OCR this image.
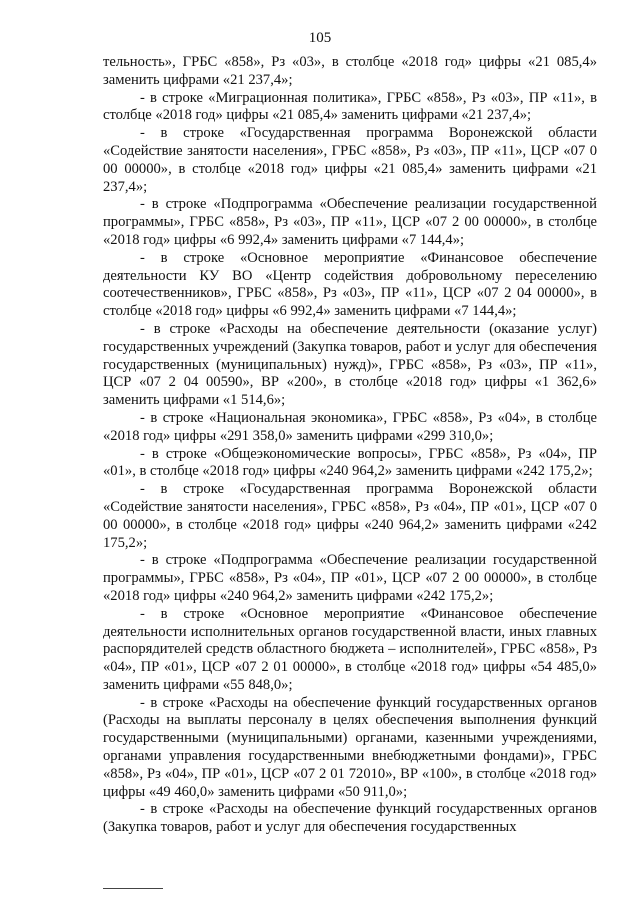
105

тельность», ГРБС «858», Рз «03», в столбце «2018 год» цифры «21 085,4» заменить цифрами «21 237,4»;

- в строке «Миграционная политика», ГРБС «858», Рз «03», ПР «11», в столбце «2018 год» цифры «21 085,4» заменить цифрами «21 237,4»;

- в строке «Государственная программа Воронежской области «Содействие занятости населения», ГРБС «858», Рз «03», ПР «11», ЦСР «07 0 00 00000», в столбце «2018 год» цифры «21 085,4» заменить цифрами «21 237,4»;

- в строке «Подпрограмма «Обеспечение реализации государственной программы», ГРБС «858», Рз «03», ПР «11», ЦСР «07 2 00 00000», в столбце «2018 год» цифры «6 992,4» заменить цифрами «7 144,4»;

- в строке «Основное мероприятие «Финансовое обеспечение деятельности КУ ВО «Центр содействия добровольному переселению соотечественников», ГРБС «858», Рз «03», ПР «11», ЦСР «07 2 04 00000», в столбце «2018 год» цифры «6 992,4» заменить цифрами «7 144,4»;

- в строке «Расходы на обеспечение деятельности (оказание услуг) государственных учреждений (Закупка товаров, работ и услуг для обеспечения государственных (муниципальных) нужд)», ГРБС «858», Рз «03», ПР «11», ЦСР «07 2 04 00590», ВР «200», в столбце «2018 год» цифры «1 362,6» заменить цифрами «1 514,6»;

- в строке «Национальная экономика», ГРБС «858», Рз «04», в столбце «2018 год» цифры «291 358,0» заменить цифрами «299 310,0»;

- в строке «Общеэкономические вопросы», ГРБС «858», Рз «04», ПР «01», в столбце «2018 год» цифры «240 964,2» заменить цифрами «242 175,2»;

- в строке «Государственная программа Воронежской области «Содействие занятости населения», ГРБС «858», Рз «04», ПР «01», ЦСР «07 0 00 00000», в столбце «2018 год» цифры «240 964,2» заменить цифрами «242 175,2»;

- в строке «Подпрограмма «Обеспечение реализации государственной программы», ГРБС «858», Рз «04», ПР «01», ЦСР «07 2 00 00000», в столбце «2018 год» цифры «240 964,2» заменить цифрами «242 175,2»;

- в строке «Основное мероприятие «Финансовое обеспечение деятельности исполнительных органов государственной власти, иных главных распорядителей средств областного бюджета – исполнителей», ГРБС «858», Рз «04», ПР «01», ЦСР «07 2 01 00000», в столбце «2018 год» цифры «54 485,0» заменить цифрами «55 848,0»;

- в строке «Расходы на обеспечение функций государственных органов (Расходы на выплаты персоналу в целях обеспечения выполнения функций государственными (муниципальными) органами, казенными учреждениями, органами управления государственными внебюджетными фондами)», ГРБС «858», Рз «04», ПР «01», ЦСР «07 2 01 72010», ВР «100», в столбце «2018 год» цифры «49 460,0» заменить цифрами «50 911,0»;

- в строке «Расходы на обеспечение функций государственных органов (Закупка товаров, работ и услуг для обеспечения государственных
